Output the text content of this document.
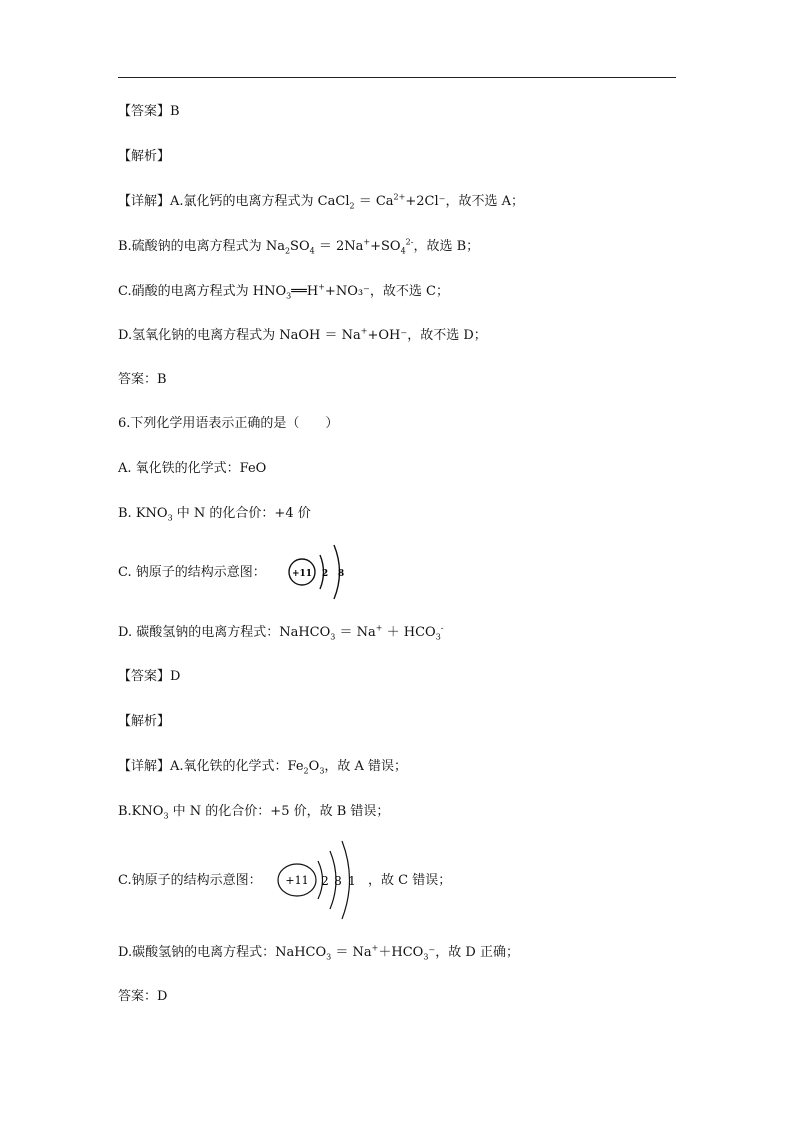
【答案】B
【解析】
【详解】A.氯化钙的电离方程式为 CaCl$_2$ ＝ $Ca^{2+}+2Cl^-$，故不选 A；
B.硫酸钠的电离方程式为 $Na_2SO_4 = 2Na^++SO_4^{2-}$，故选 B；
C.硝酸的电离方程式为 $HNO_3══H^++NO_3^-$，故不选 C；
D.氢氧化钠的电离方程式为 NaOH ＝ Na++OH⁻，故不选 D；
答案：B
6.下列化学用语表示正确的是（　　）
A. 氧化铁的化学式：FeO
B. $KNO_3$ 中 N 的化合价：+4 价
C. 钠原子的结构示意图：	+11 2 8
D. 碳酸氢钠的电离方程式：NaHCO$_3$ ＝ $Na^+ + HCO_3^-$
【答案】D
【解析】
【详解】A.氧化铁的化学式：$Fe_2O_3$，故 A 错误；
$B.KNO_3$ 中 N 的化合价：+5 价，故 B 错误；
C.钠原子的结构示意图： +11 2 8 1 ，故 C 错误；
D.碳酸氢钠的电离方程式：NaHCO$_3$ ＝ $Na^++HCO_3^-$，故 D 正确；
答案：D
